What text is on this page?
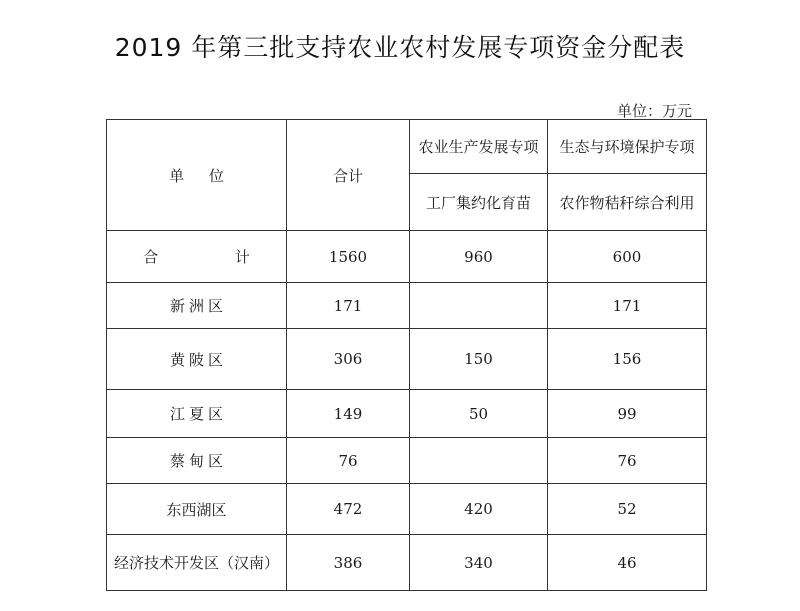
2019 年第三批支持农业农村发展专项资金分配表
单位：万元
单 位	合计	农业生产发展专项	生态与环境保护专项
		工厂集约化育苗	农作物秸秆综合利用
合 计	1560	960	600
新洲区	171		171
黄陂区	306	150	156
江夏区	149	50	99
蔡甸区	76		76
东西湖区	472	420	52
经济技术开发区（汉南）	386	340	46
